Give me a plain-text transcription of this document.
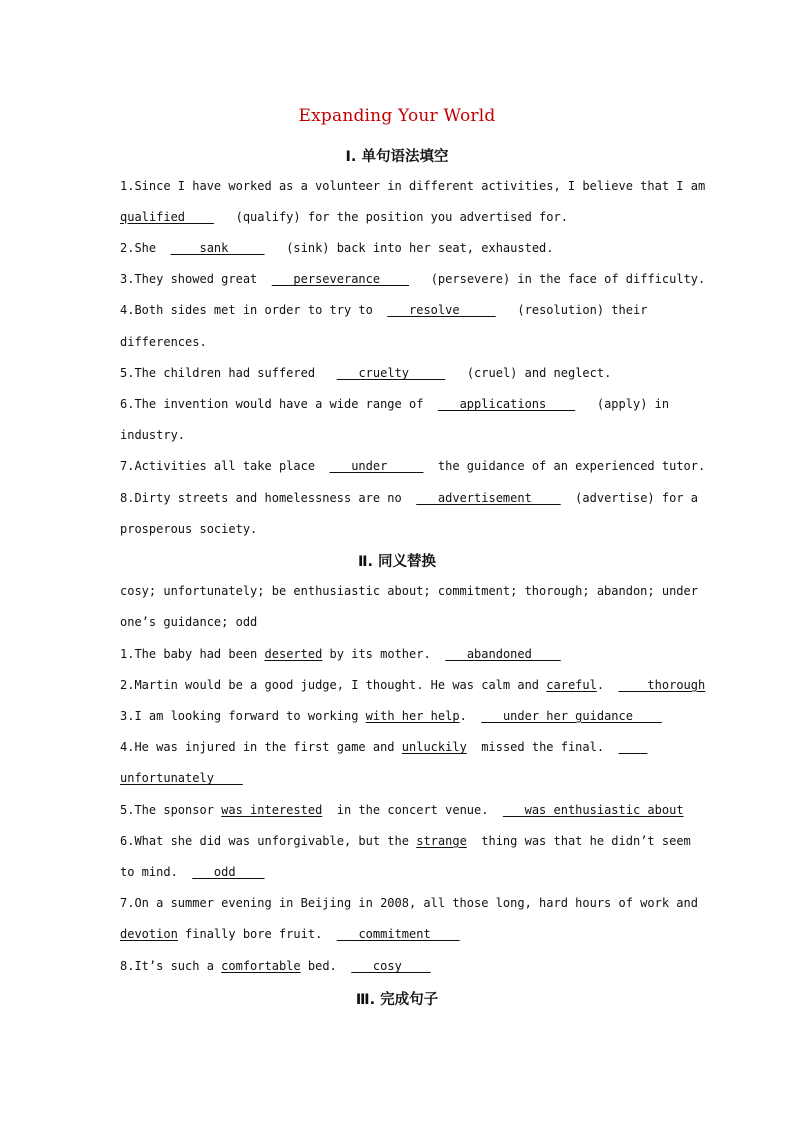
Expanding Your World
Ⅰ. 单句语法填空
1.Since I have worked as a volunteer in different activities, I believe that I am
qualified       (qualify) for the position you advertised for.
2.She      sank        (sink) back into her seat, exhausted.
3.They showed great     perseverance       (persevere) in the face of difficulty.
4.Both sides met in order to try to     resolve        (resolution) their
differences.
5.The children had suffered      cruelty        (cruel) and neglect.
6.The invention would have a wide range of     applications       (apply) in
industry.
7.Activities all take place     under       the guidance of an experienced tutor.
8.Dirty streets and homelessness are no     advertisement      (advertise) for a
prosperous society.
Ⅱ. 同义替换
cosy; unfortunately; be enthusiastic about; commitment; thorough; abandon; under
one’s guidance; odd
1.The baby had been deserted by its mother.     abandoned
2.Martin would be a good judge, I thought. He was calm and careful.      thorough
3.I am looking forward to working with her help.     under her guidance
4.He was injured in the first game and unluckily missed the final.
unfortunately
5.The sponsor was interested in the concert venue.     was enthusiastic about
6.What she did was unforgivable, but the strange thing was that he didn’t seem
to mind.     odd
7.On a summer evening in Beijing in 2008, all those long, hard hours of work and
devotion finally bore fruit.     commitment
8.It’s such a comfortable bed.     cosy
Ⅲ. 完成句子
